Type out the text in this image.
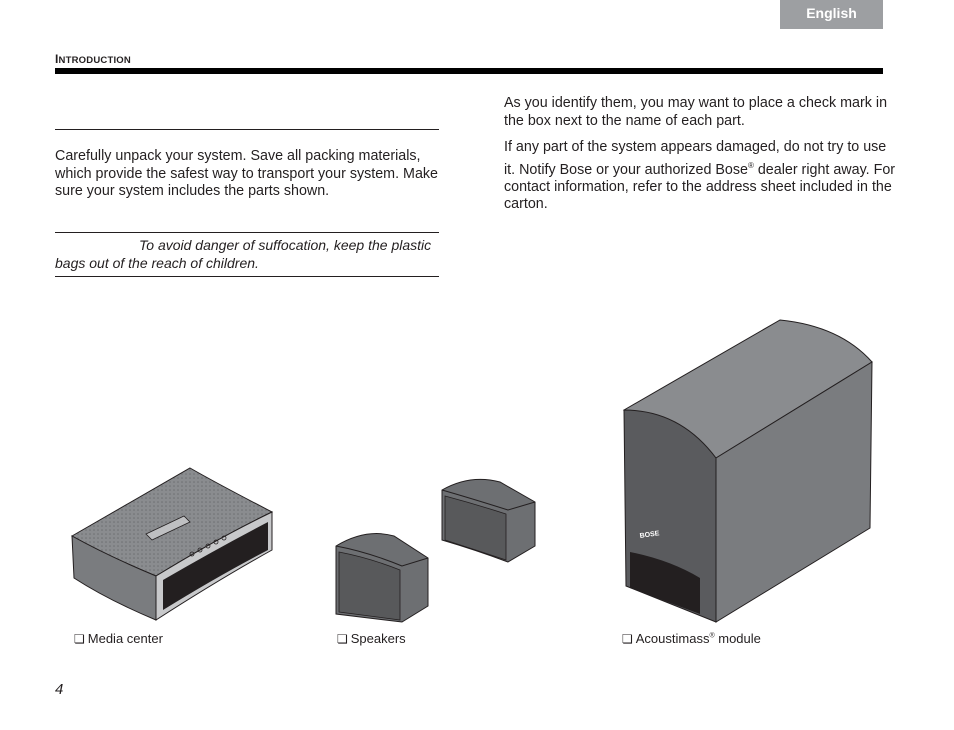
English
INTRODUCTION

Carefully unpack your system. Save all packing materials, which provide the safest way to transport your system. Make sure your system includes the parts shown.

To avoid danger of suffocation, keep the plastic bags out of the reach of children.

As you identify them, you may want to place a check mark in the box next to the name of each part.

If any part of the system appears damaged, do not try to use it. Notify Bose or your authorized Bose® dealer right away. For contact information, refer to the address sheet included in the carton.

BOSE
❏ Media center	❏ Speakers	❏ Acoustimass® module
4
